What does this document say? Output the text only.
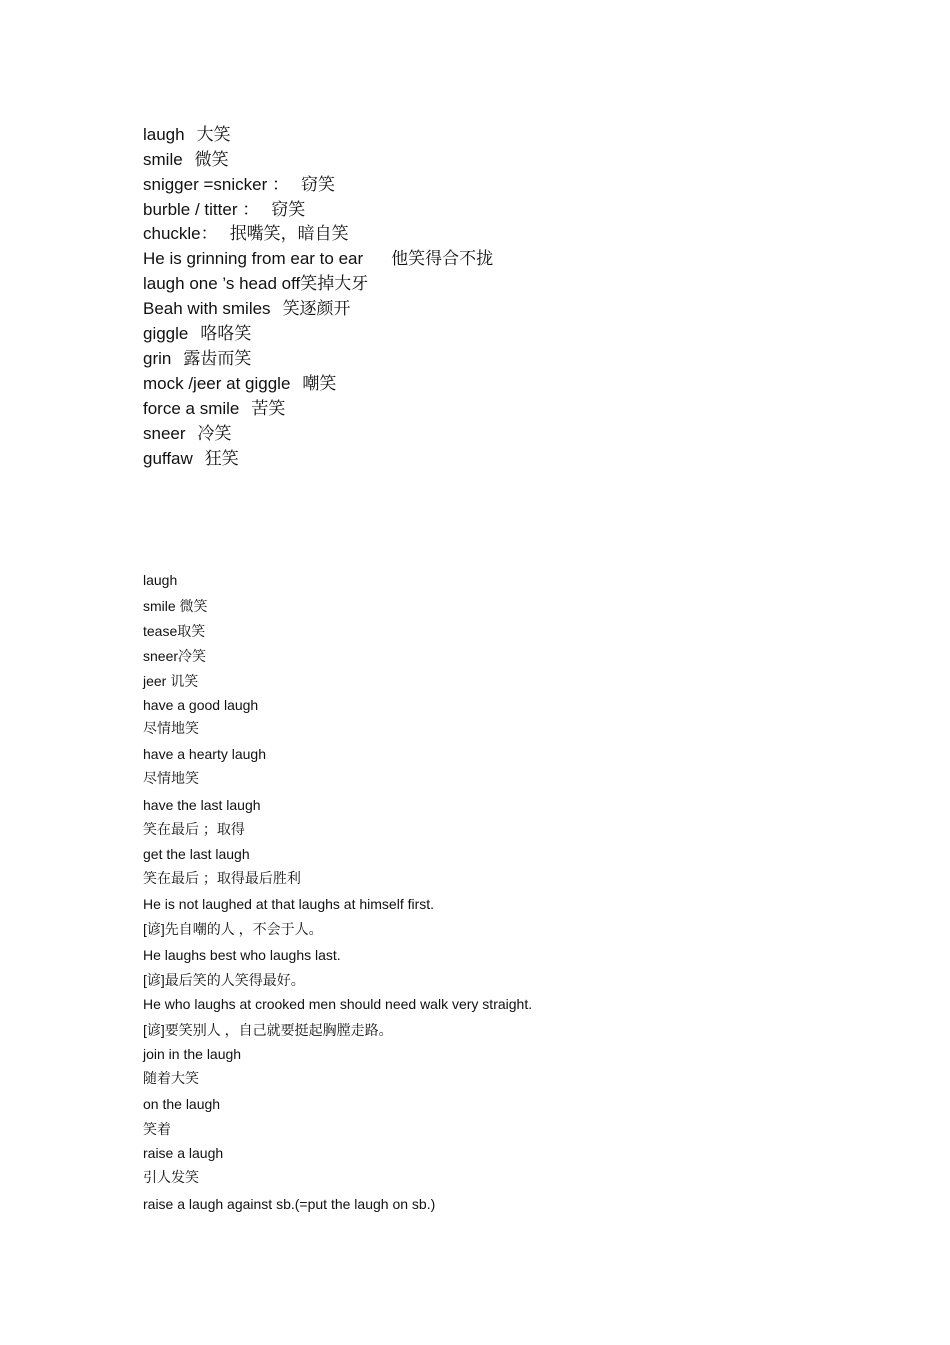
laugh 大笑
smile 微笑
snigger =snicker ： 窃笑
burble / titter ： 窃笑
chuckle： 抿嘴笑，暗自笑
He is grinning from ear to ear 他笑得合不拢
laugh one ’s head off笑掉大牙
Beah with smiles 笑逐颜开
giggle 咯咯笑
grin 露齿而笑
mock /jeer at giggle 嘲笑
force a smile 苦笑
sneer 冷笑
guffaw 狂笑
laugh
smile 微笑
tease取笑
sneer冷笑
jeer 讥笑
have a good laugh
尽情地笑
have a hearty laugh
尽情地笑
have the last laugh
笑在最后 ；取得
get the last laugh
笑在最后 ；取得最后胜利
He is not laughed at that laughs at himself first.
[谚]先自嘲的人 ，不会于人。
He laughs best who laughs last.
[谚]最后笑的人笑得最好。
He who laughs at crooked men should need walk very straight.
[谚]要笑别人 ，自己就要挺起胸膛走路。
join in the laugh
随着大笑
on the laugh
笑着
raise a laugh
引人发笑
raise a laugh against sb.(=put the laugh on sb.)
